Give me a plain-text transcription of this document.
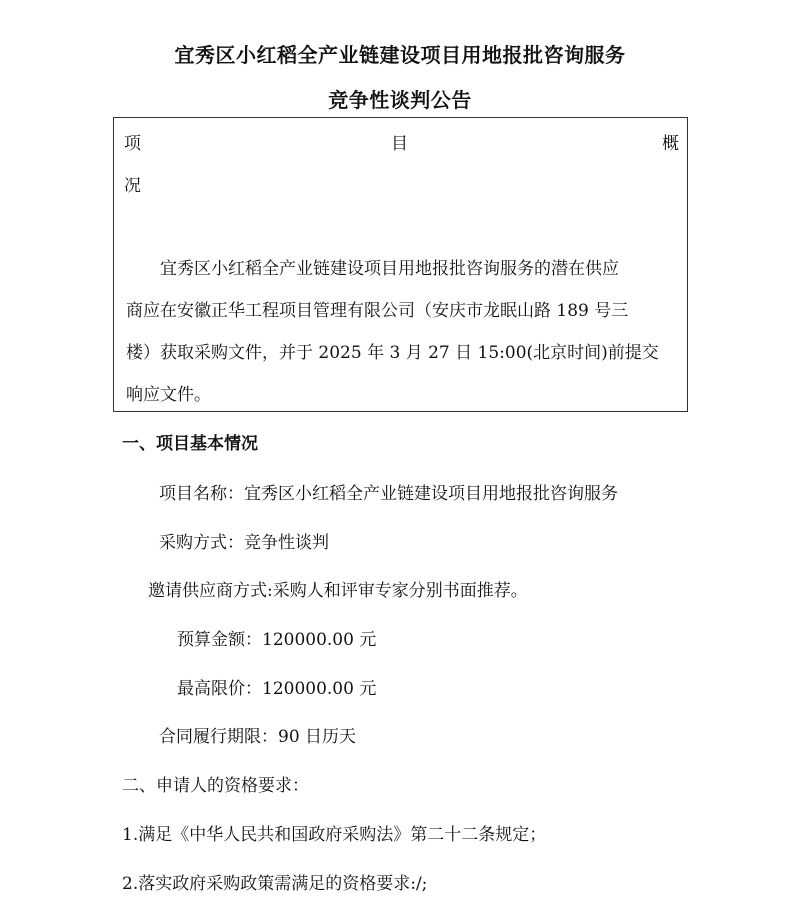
宜秀区小红稻全产业链建设项目用地报批咨询服务
竞争性谈判公告
项	目	概
况
　　宜秀区小红稻全产业链建设项目用地报批咨询服务的潜在供应
商应在安徽正华工程项目管理有限公司（安庆市龙眠山路 189 号三
楼）获取采购文件，并于 2025 年 3 月 27 日 15:00(北京时间)前提交
响应文件。
一、项目基本情况
项目名称：宜秀区小红稻全产业链建设项目用地报批咨询服务
采购方式：竞争性谈判
邀请供应商方式:采购人和评审专家分别书面推荐。
预算金额：120000.00 元
最高限价：120000.00 元
合同履行期限：90 日历天
二、申请人的资格要求：
1.满足《中华人民共和国政府采购法》第二十二条规定；
2.落实政府采购政策需满足的资格要求:/;
